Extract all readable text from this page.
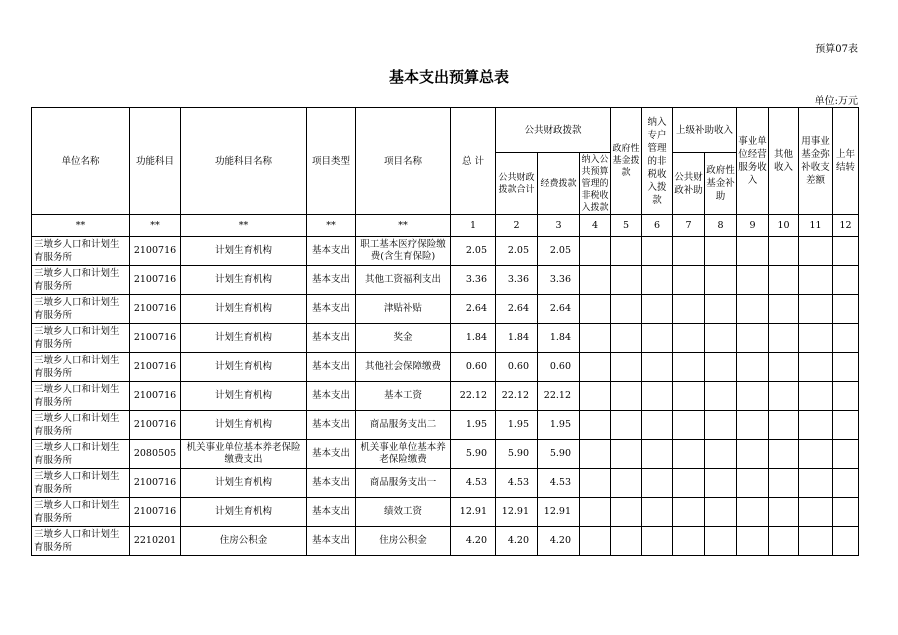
预算07表
基本支出预算总表
单位:万元
单位名称	功能科目	功能科目名称	项目类型	项目名称	总 计	公共财政拨款			政府性基金拨款	纳入专户管理的非税收入拨款	上级补助收入		事业单位经营服务收入	其他收入	用事业基金弥补收支差额	上年结转
						公共财政拨款合计	经费拨款	纳入公共预算管理的非税收入拨款			公共财政补助	政府性基金补助				
**	**	**	**	**	1	2	3	4	5	6	7	8	9	10	11	12
三墩乡人口和计划生育服务所	2100716	计划生育机构	基本支出	职工基本医疗保险缴费(含生育保险)	2.05	2.05	2.05									
三墩乡人口和计划生育服务所	2100716	计划生育机构	基本支出	其他工资福利支出	3.36	3.36	3.36									
三墩乡人口和计划生育服务所	2100716	计划生育机构	基本支出	津贴补贴	2.64	2.64	2.64									
三墩乡人口和计划生育服务所	2100716	计划生育机构	基本支出	奖金	1.84	1.84	1.84									
三墩乡人口和计划生育服务所	2100716	计划生育机构	基本支出	其他社会保障缴费	0.60	0.60	0.60									
三墩乡人口和计划生育服务所	2100716	计划生育机构	基本支出	基本工资	22.12	22.12	22.12									
三墩乡人口和计划生育服务所	2100716	计划生育机构	基本支出	商品服务支出二	1.95	1.95	1.95									
三墩乡人口和计划生育服务所	2080505	机关事业单位基本养老保险缴费支出	基本支出	机关事业单位基本养老保险缴费	5.90	5.90	5.90									
三墩乡人口和计划生育服务所	2100716	计划生育机构	基本支出	商品服务支出一	4.53	4.53	4.53									
三墩乡人口和计划生育服务所	2100716	计划生育机构	基本支出	绩效工资	12.91	12.91	12.91									
三墩乡人口和计划生育服务所	2210201	住房公积金	基本支出	住房公积金	4.20	4.20	4.20									
